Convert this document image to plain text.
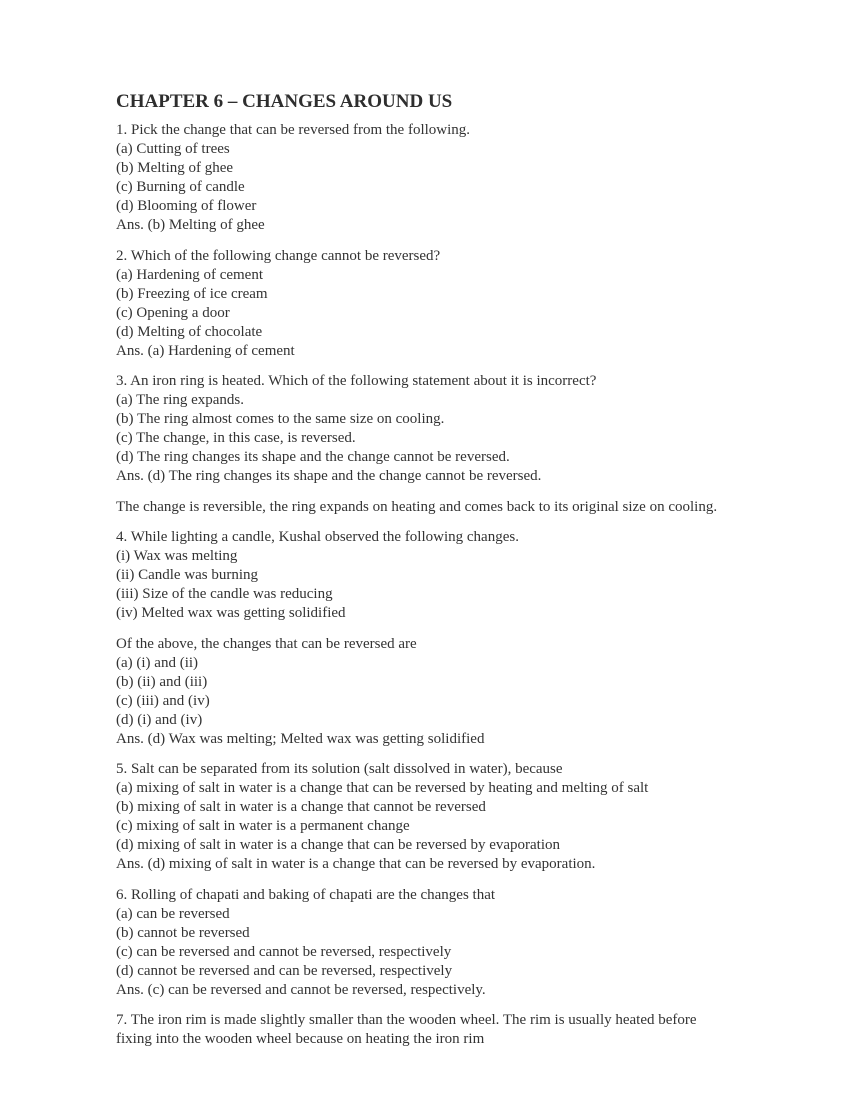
CHAPTER 6 – CHANGES AROUND US
1. Pick the change that can be reversed from the following.
(a) Cutting of trees
(b) Melting of ghee
(c) Burning of candle
(d) Blooming of flower
Ans. (b) Melting of ghee
2. Which of the following change cannot be reversed?
(a) Hardening of cement
(b) Freezing of ice cream
(c) Opening a door
(d) Melting of chocolate
Ans. (a) Hardening of cement
3. An iron ring is heated. Which of the following statement about it is incorrect?
(a) The ring expands.
(b) The ring almost comes to the same size on cooling.
(c) The change, in this case, is reversed.
(d) The ring changes its shape and the change cannot be reversed.
Ans. (d) The ring changes its shape and the change cannot be reversed.
The change is reversible, the ring expands on heating and comes back to its original size on cooling.
4. While lighting a candle, Kushal observed the following changes.
(i) Wax was melting
(ii) Candle was burning
(iii) Size of the candle was reducing
(iv) Melted wax was getting solidified
Of the above, the changes that can be reversed are
(a) (i) and (ii)
(b) (ii) and (iii)
(c) (iii) and (iv)
(d) (i) and (iv)
Ans. (d) Wax was melting; Melted wax was getting solidified
5. Salt can be separated from its solution (salt dissolved in water), because
(a) mixing of salt in water is a change that can be reversed by heating and melting of salt
(b) mixing of salt in water is a change that cannot be reversed
(c) mixing of salt in water is a permanent change
(d) mixing of salt in water is a change that can be reversed by evaporation
Ans. (d) mixing of salt in water is a change that can be reversed by evaporation.
6. Rolling of chapati and baking of chapati are the changes that
(a) can be reversed
(b) cannot be reversed
(c) can be reversed and cannot be reversed, respectively
(d) cannot be reversed and can be reversed, respectively
Ans. (c) can be reversed and cannot be reversed, respectively.
7. The iron rim is made slightly smaller than the wooden wheel. The rim is usually heated before fixing into the wooden wheel because on heating the iron rim
